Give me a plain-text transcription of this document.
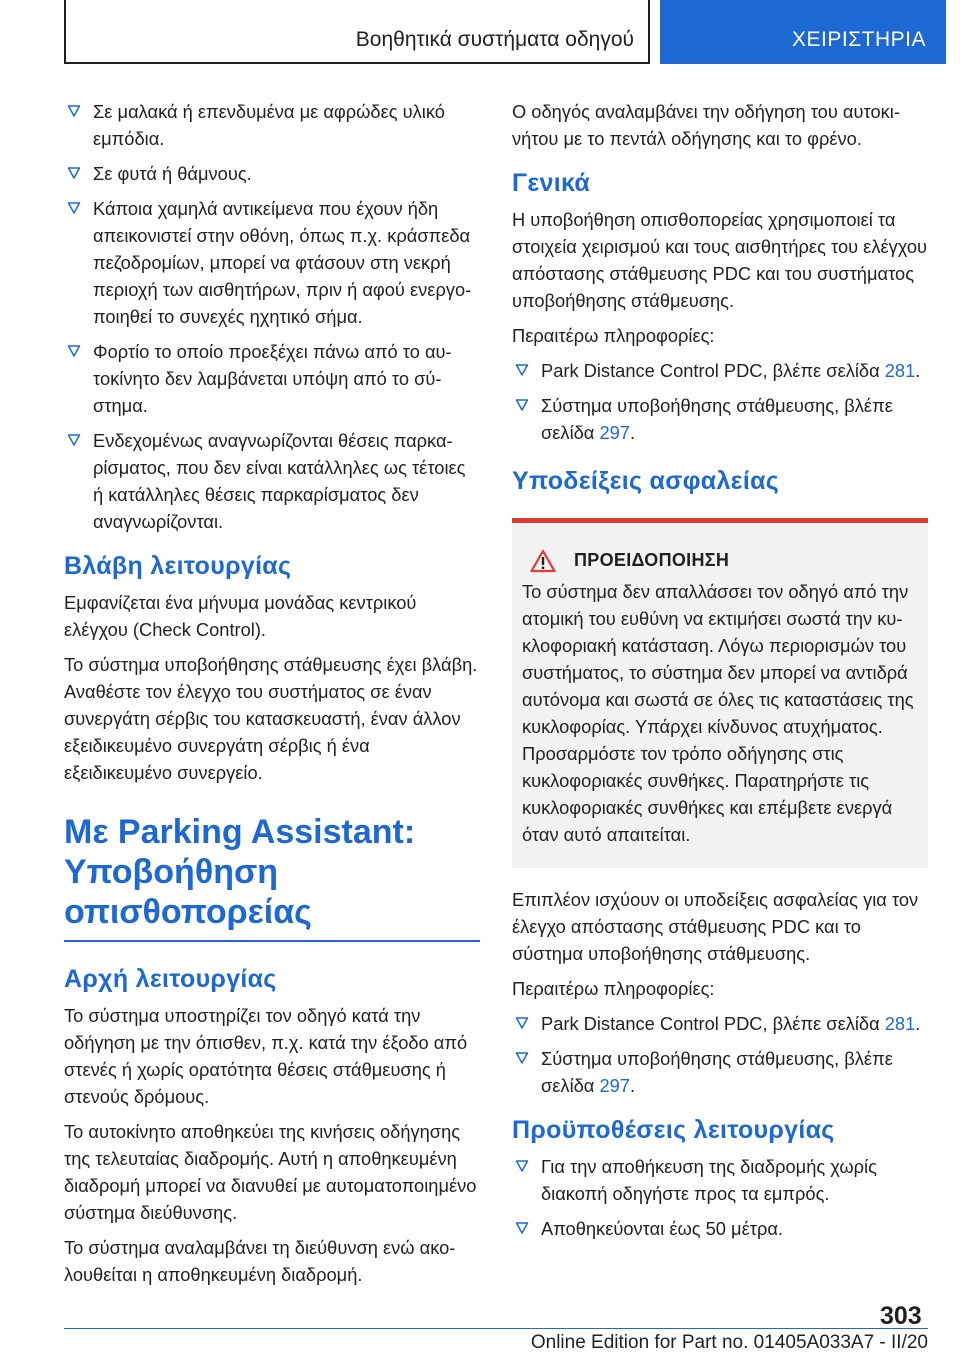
Βοηθητικά συστήματα οδηγού	ΧΕΙΡΙΣΤΗΡΙΑ
Σε μαλακά ή επενδυμένα με αφρώδες υλικό εμπόδια.
Σε φυτά ή θάμνους.
Κάποια χαμηλά αντικείμενα που έχουν ήδη απεικονιστεί στην οθόνη, όπως π.χ. κράσπεδα πεζοδρομίων, μπορεί να φτάσουν στη νεκρή περιοχή των αισθητήρων, πριν ή αφού ενεργοποιηθεί το συνεχές ηχητικό σήμα.
Φορτίο το οποίο προεξέχει πάνω από το αυτοκίνητο δεν λαμβάνεται υπόψη από το σύστημα.
Ενδεχομένως αναγνωρίζονται θέσεις παρκαρίσματος, που δεν είναι κατάλληλες ως τέτοιες ή κατάλληλες θέσεις παρκαρίσματος δεν αναγνωρίζονται.
Βλάβη λειτουργίας
Εμφανίζεται ένα μήνυμα μονάδας κεντρικού ελέγχου (Check Control).
Το σύστημα υποβοήθησης στάθμευσης έχει βλάβη. Αναθέστε τον έλεγχο του συστήματος σε έναν συνεργάτη σέρβις του κατασκευαστή, έναν άλλον εξειδικευμένο συνεργάτη σέρβις ή ένα εξειδικευμένο συνεργείο.
Με Parking Assistant: Υποβοήθηση οπισθοπορείας
Αρχή λειτουργίας
Το σύστημα υποστηρίζει τον οδηγό κατά την οδήγηση με την όπισθεν, π.χ. κατά την έξοδο από στενές ή χωρίς ορατότητα θέσεις στάθμευσης ή στενούς δρόμους.
Το αυτοκίνητο αποθηκεύει της κινήσεις οδήγησης της τελευταίας διαδρομής. Αυτή η αποθηκευμένη διαδρομή μπορεί να διανυθεί με αυτοματοποιημένο σύστημα διεύθυνσης.
Το σύστημα αναλαμβάνει τη διεύθυνση ενώ ακολουθείται η αποθηκευμένη διαδρομή.
Ο οδηγός αναλαμβάνει την οδήγηση του αυτοκινήτου με το πεντάλ οδήγησης και το φρένο.
Γενικά
Η υποβοήθηση οπισθοπορείας χρησιμοποιεί τα στοιχεία χειρισμού και τους αισθητήρες του ελέγχου απόστασης στάθμευσης PDC και του συστήματος υποβοήθησης στάθμευσης.
Περαιτέρω πληροφορίες:
Park Distance Control PDC, βλέπε σελίδα 281.
Σύστημα υποβοήθησης στάθμευσης, βλέπε σελίδα 297.
Υποδείξεις ασφαλείας
ΠΡΟΕΙΔΟΠΟΙΗΣΗ
Το σύστημα δεν απαλλάσσει τον οδηγό από την ατομική του ευθύνη να εκτιμήσει σωστά την κυκλοφοριακή κατάσταση. Λόγω περιορισμών του συστήματος, το σύστημα δεν μπορεί να αντιδρά αυτόνομα και σωστά σε όλες τις καταστάσεις της κυκλοφορίας. Υπάρχει κίνδυνος ατυχήματος. Προσαρμόστε τον τρόπο οδήγησης στις κυκλοφοριακές συνθήκες. Παρατηρήστε τις κυκλοφοριακές συνθήκες και επέμβετε ενεργά όταν αυτό απαιτείται.
Επιπλέον ισχύουν οι υποδείξεις ασφαλείας για τον έλεγχο απόστασης στάθμευσης PDC και το σύστημα υποβοήθησης στάθμευσης.
Περαιτέρω πληροφορίες:
Park Distance Control PDC, βλέπε σελίδα 281.
Σύστημα υποβοήθησης στάθμευσης, βλέπε σελίδα 297.
Προϋποθέσεις λειτουργίας
Για την αποθήκευση της διαδρομής χωρίς διακοπή οδηγήστε προς τα εμπρός.
Αποθηκεύονται έως 50 μέτρα.
303
Online Edition for Part no. 01405A033A7 - II/20
